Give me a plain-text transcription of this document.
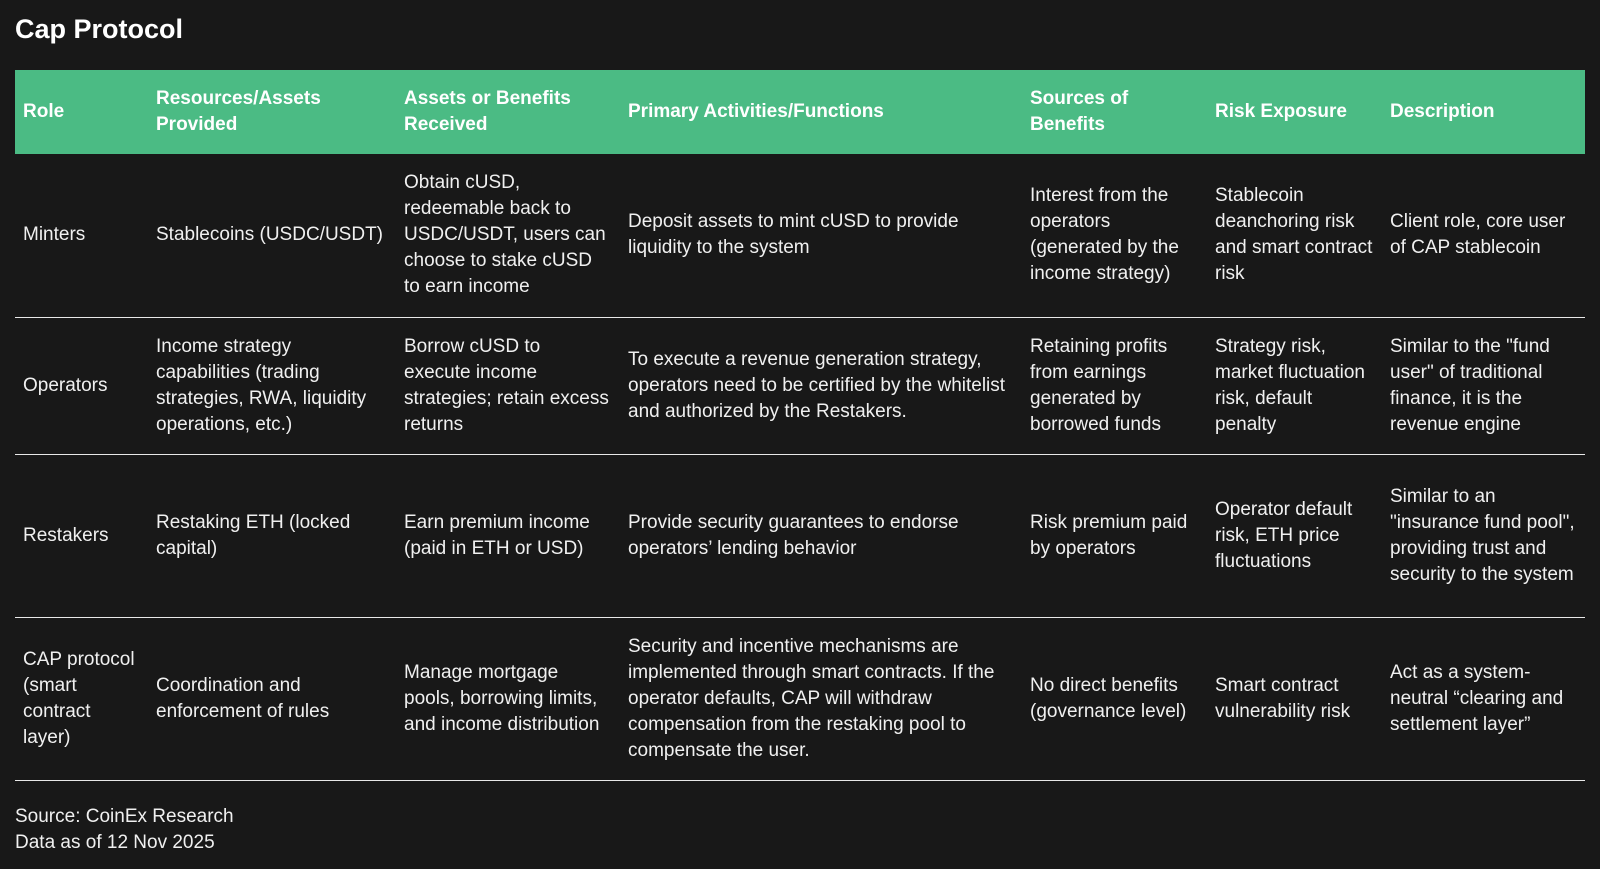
Cap Protocol
Role	Resources/Assets Provided	Assets or Benefits Received	Primary Activities/Functions	Sources of Benefits	Risk Exposure	Description
Minters	Stablecoins (USDC/USDT)	Obtain cUSD, redeemable back to USDC/USDT, users can choose to stake cUSD to earn income	Deposit assets to mint cUSD to provide liquidity to the system	Interest from the operators (generated by the income strategy)	Stablecoin deanchoring risk and smart contract risk	Client role, core user of CAP stablecoin
Operators	Income strategy capabilities (trading strategies, RWA, liquidity operations, etc.)	Borrow cUSD to execute income strategies; retain excess returns	To execute a revenue generation strategy, operators need to be certified by the whitelist and authorized by the Restakers.	Retaining profits from earnings generated by borrowed funds	Strategy risk, market fluctuation risk, default penalty	Similar to the "fund user" of traditional finance, it is the revenue engine
Restakers	Restaking ETH (locked capital)	Earn premium income (paid in ETH or USD)	Provide security guarantees to endorse operators’ lending behavior	Risk premium paid by operators	Operator default risk, ETH price fluctuations	Similar to an "insurance fund pool", providing trust and security to the system
CAP protocol (smart contract layer)	Coordination and enforcement of rules	Manage mortgage pools, borrowing limits, and income distribution	Security and incentive mechanisms are implemented through smart contracts. If the operator defaults, CAP will withdraw compensation from the restaking pool to compensate the user.	No direct benefits (governance level)	Smart contract vulnerability risk	Act as a system-neutral “clearing and settlement layer”
Source: CoinEx Research
Data as of 12 Nov 2025
